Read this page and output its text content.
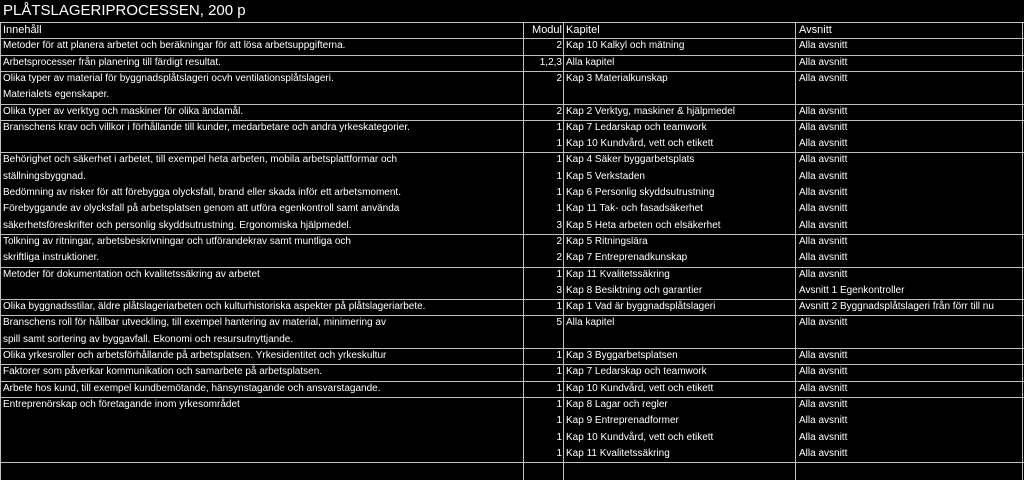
PLÅTSLAGERIPROCESSEN, 200 p
Innehåll	Modul Kapitel	Avsnitt
Metoder för att planera arbetet och beräkningar för att lösa arbetsuppgifterna.	2 Kap 10 Kalkyl och mätning	Alla avsnitt
Arbetsprocesser från planering till färdigt resultat.	1,2,3 Alla kapitel	Alla avsnitt
Olika typer av material för byggnadsplåtslageri ocvh ventilationsplåtslageri.	2 Kap 3 Materialkunskap	Alla avsnitt
Materialets egenskaper.
Olika typer av verktyg och maskiner för olika ändamål.	2 Kap 2 Verktyg, maskiner & hjälpmedel	Alla avsnitt
Branschens krav och villkor i förhållande till kunder, medarbetare och andra yrkeskategorier.	1 Kap 7 Ledarskap och teamwork	Alla avsnitt
1 Kap 10 Kundvård, vett och etikett	Alla avsnitt
Behörighet och säkerhet i arbetet, till exempel heta arbeten, mobila arbetsplattformar och	1 Kap 4 Säker byggarbetsplats	Alla avsnitt
ställningsbyggnad.	1 Kap 5 Verkstaden	Alla avsnitt
Bedömning av risker för att förebygga olycksfall, brand eller skada inför ett arbetsmoment.	1 Kap 6 Personlig skyddsutrustning	Alla avsnitt
Förebyggande av olycksfall på arbetsplatsen genom att utföra egenkontroll samt använda	1 Kap 11 Tak- och fasadsäkerhet	Alla avsnitt
säkerhetsföreskrifter och personlig skyddsutrustning. Ergonomiska hjälpmedel.	3 Kap 5 Heta arbeten och elsäkerhet	Alla avsnitt
Tolkning av ritningar, arbetsbeskrivningar och utförandekrav samt muntliga och	2 Kap 5 Ritningslära	Alla avsnitt
skriftliga instruktioner.	2 Kap 7 Entreprenadkunskap	Alla avsnitt
Metoder för dokumentation och kvalitetssäkring av arbetet	1 Kap 11 Kvalitetssäkring	Alla avsnitt
3 Kap 8 Besiktning och garantier	Avsnitt 1 Egenkontroller
Olika byggnadsstilar, äldre plåtslageriarbeten och kulturhistoriska aspekter på plåtslageriarbete.	1 Kap 1 Vad är byggnadsplåtslageri	Avsnitt 2 Byggnadsplåtslageri från förr till nu
Branschens roll för hållbar utveckling, till exempel hantering av material, minimering av	5 Alla kapitel	Alla avsnitt
spill samt sortering av byggavfall. Ekonomi och resursutnyttjande.
Olika yrkesroller och arbetsförhållande på arbetsplatsen. Yrkesidentitet och yrkeskultur	1 Kap 3 Byggarbetsplatsen	Alla avsnitt
Faktorer som påverkar kommunikation och samarbete på arbetsplatsen.	1 Kap 7 Ledarskap och teamwork	Alla avsnitt
Arbete hos kund, till exempel kundbemötande, hänsynstagande och ansvarstagande.	1 Kap 10 Kundvård, vett och etikett	Alla avsnitt
Entreprenörskap och företagande inom yrkesområdet	1 Kap 8 Lagar och regler	Alla avsnitt
1 Kap 9 Entreprenadformer	Alla avsnitt
1 Kap 10 Kundvård, vett och etikett	Alla avsnitt
1 Kap 11 Kvalitetssäkring	Alla avsnitt
